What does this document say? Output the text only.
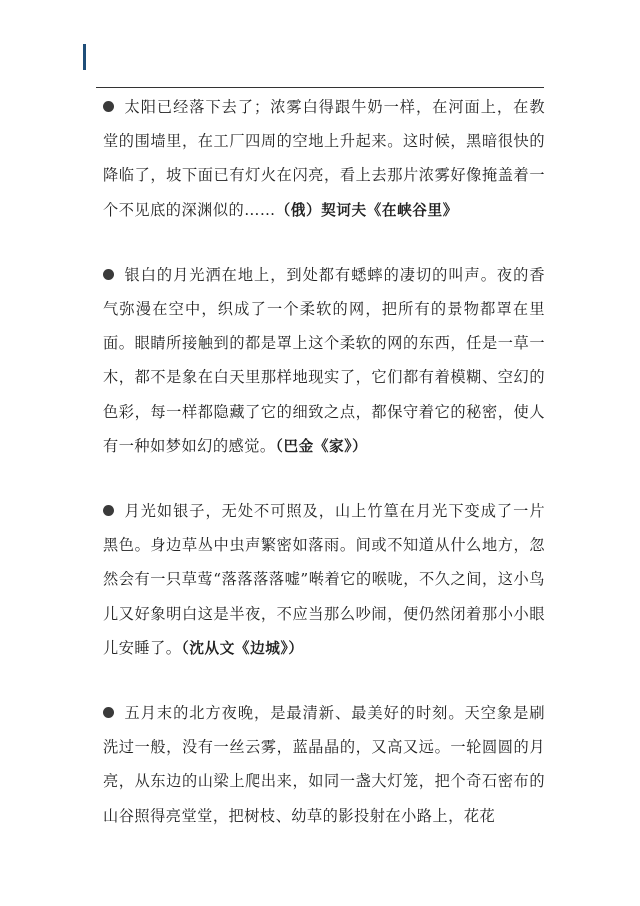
太阳已经落下去了；浓雾白得跟牛奶一样，在河面上，在教堂的围墙里，在工厂四周的空地上升起来。这时候，黑暗很快的降临了，坡下面已有灯火在闪亮，看上去那片浓雾好像掩盖着一个不见底的深渊似的……（俄）契诃夫《在峡谷里》

银白的月光洒在地上，到处都有蟋蟀的凄切的叫声。夜的香气弥漫在空中，织成了一个柔软的网，把所有的景物都罩在里面。眼睛所接触到的都是罩上这个柔软的网的东西，任是一草一木，都不是象在白天里那样地现实了，它们都有着模糊、空幻的色彩，每一样都隐藏了它的细致之点，都保守着它的秘密，使人有一种如梦如幻的感觉。（巴金《家》）

月光如银子，无处不可照及，山上竹篁在月光下变成了一片黑色。身边草丛中虫声繁密如落雨。间或不知道从什么地方，忽然会有一只草莺“落落落落嘘”啭着它的喉咙，不久之间，这小鸟儿又好象明白这是半夜，不应当那么吵闹，便仍然闭着那小小眼儿安睡了。（沈从文《边城》）

五月末的北方夜晚，是最清新、最美好的时刻。天空象是刷洗过一般，没有一丝云雾，蓝晶晶的，又高又远。一轮圆圆的月亮，从东边的山梁上爬出来，如同一盏大灯笼，把个奇石密布的山谷照得亮堂堂，把树枝、幼草的影投射在小路上，花花
